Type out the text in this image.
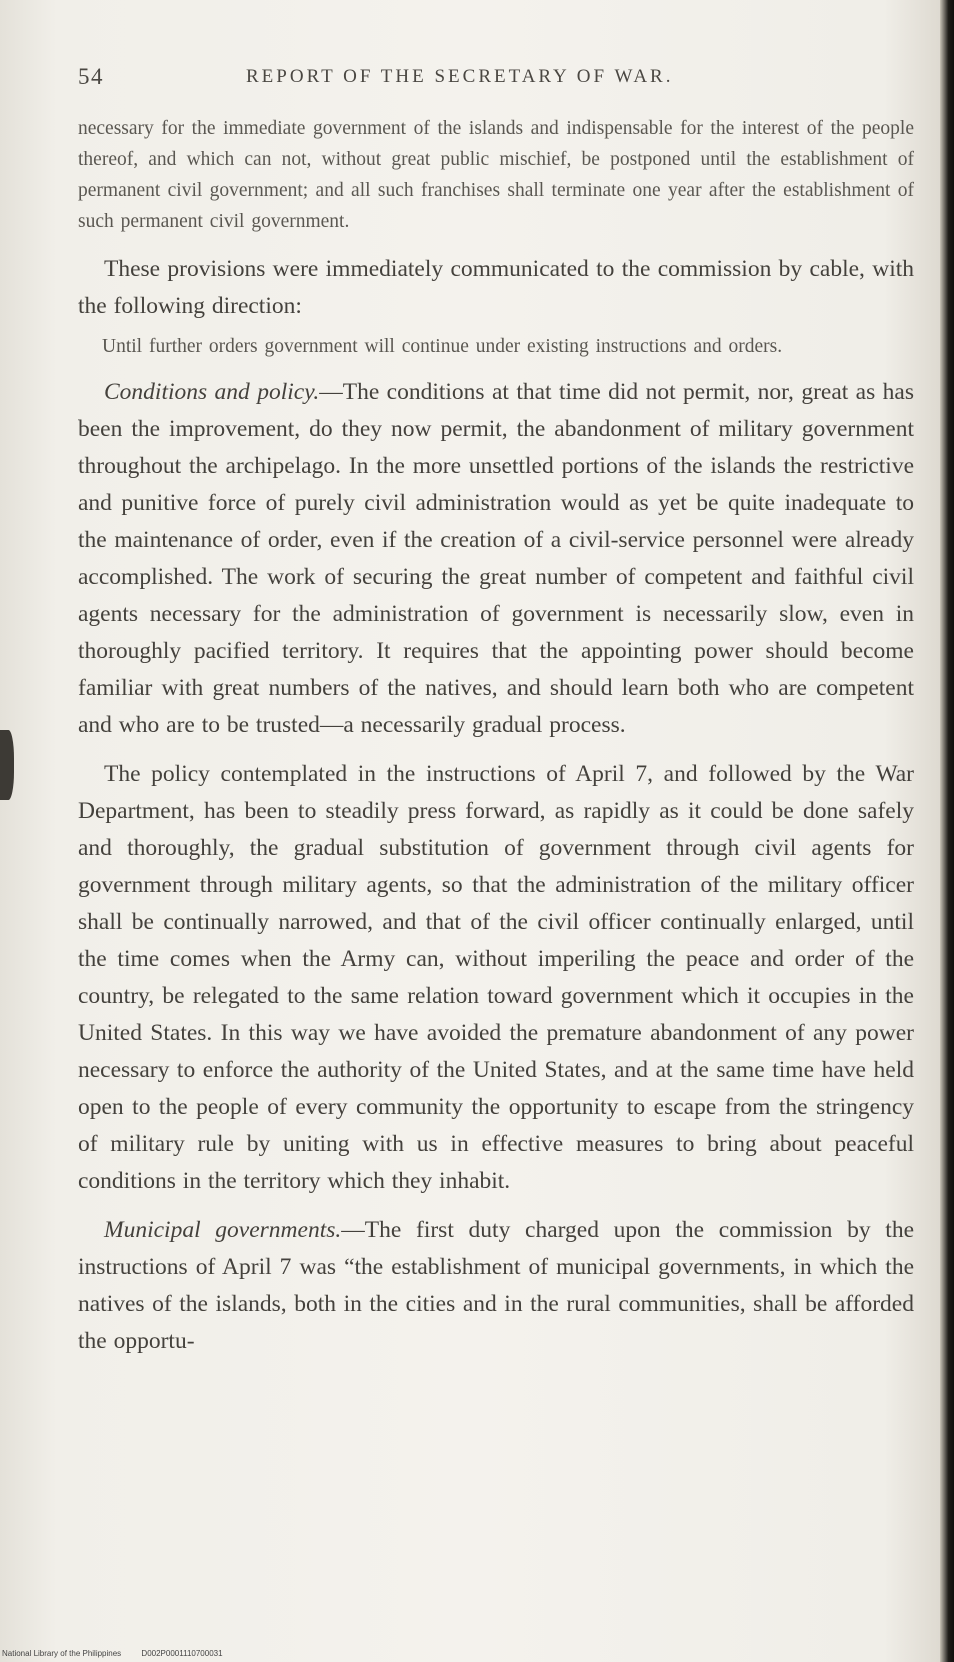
54	REPORT OF THE SECRETARY OF WAR.

necessary for the immediate government of the islands and indispensable for the interest of the people thereof, and which can not, without great public mischief, be postponed until the establishment of permanent civil government; and all such franchises shall terminate one year after the establishment of such permanent civil government.

These provisions were immediately communicated to the commission by cable, with the following direction:

Until further orders government will continue under existing instructions and orders.

Conditions and policy.—The conditions at that time did not permit, nor, great as has been the improvement, do they now permit, the abandonment of military government throughout the archipelago. In the more unsettled portions of the islands the restrictive and punitive force of purely civil administration would as yet be quite inadequate to the maintenance of order, even if the creation of a civil-service personnel were already accomplished. The work of securing the great number of competent and faithful civil agents necessary for the administration of government is necessarily slow, even in thoroughly pacified territory. It requires that the appointing power should become familiar with great numbers of the natives, and should learn both who are competent and who are to be trusted—a necessarily gradual process.

The policy contemplated in the instructions of April 7, and followed by the War Department, has been to steadily press forward, as rapidly as it could be done safely and thoroughly, the gradual substitution of government through civil agents for government through military agents, so that the administration of the military officer shall be continually narrowed, and that of the civil officer continually enlarged, until the time comes when the Army can, without imperiling the peace and order of the country, be relegated to the same relation toward government which it occupies in the United States. In this way we have avoided the premature abandonment of any power necessary to enforce the authority of the United States, and at the same time have held open to the people of every community the opportunity to escape from the stringency of military rule by uniting with us in effective measures to bring about peaceful conditions in the territory which they inhabit.

Municipal governments.—The first duty charged upon the commission by the instructions of April 7 was “the establishment of municipal governments, in which the natives of the islands, both in the cities and in the rural communities, shall be afforded the opportu-

National Library of the Philippines	D002P0001110700031
